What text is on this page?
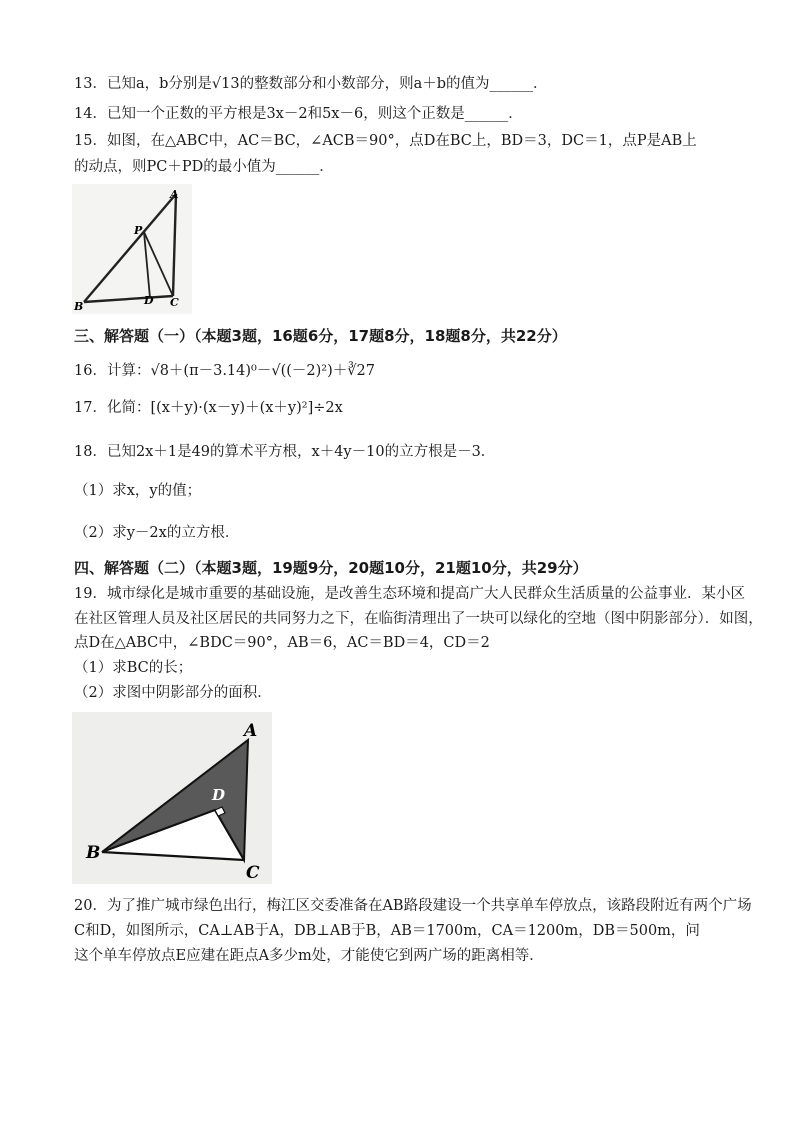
13．已知a，b分别是√13的整数部分和小数部分，则a＋b的值为______．
14．已知一个正数的平方根是3x－2和5x－6，则这个正数是______．
15．如图，在△ABC中，AC＝BC，∠ACB＝90°，点D在BC上，BD＝3，DC＝1，点P是AB上
的动点，则PC＋PD的最小值为______．
A
P
B	D C
三、解答题（一）（本题3题，16题6分，17题8分，18题8分，共22分）
16．计算：√8＋(π－3.14)⁰－√((－2)²)＋∛27
17．化简：[(x＋y)·(x－y)＋(x＋y)²]÷2x
18．已知2x＋1是49的算术平方根，x＋4y－10的立方根是－3．
（1）求x，y的值；
（2）求y－2x的立方根．
四、解答题（二）（本题3题，19题9分，20题10分，21题10分，共29分）
19．城市绿化是城市重要的基础设施，是改善生态环境和提高广大人民群众生活质量的公益事业．某小区
在社区管理人员及社区居民的共同努力之下，在临街清理出了一块可以绿化的空地（图中阴影部分）．如图，
点D在△ABC中，∠BDC＝90°，AB＝6，AC＝BD＝4，CD＝2
（1）求BC的长；
（2）求图中阴影部分的面积．
A
D
B
C
20．为了推广城市绿色出行，梅江区交委准备在AB路段建设一个共享单车停放点，该路段附近有两个广场
C和D，如图所示，CA⊥AB于A，DB⊥AB于B，AB＝1700m，CA＝1200m，DB＝500m，问
这个单车停放点E应建在距点A多少m处，才能使它到两广场的距离相等．
